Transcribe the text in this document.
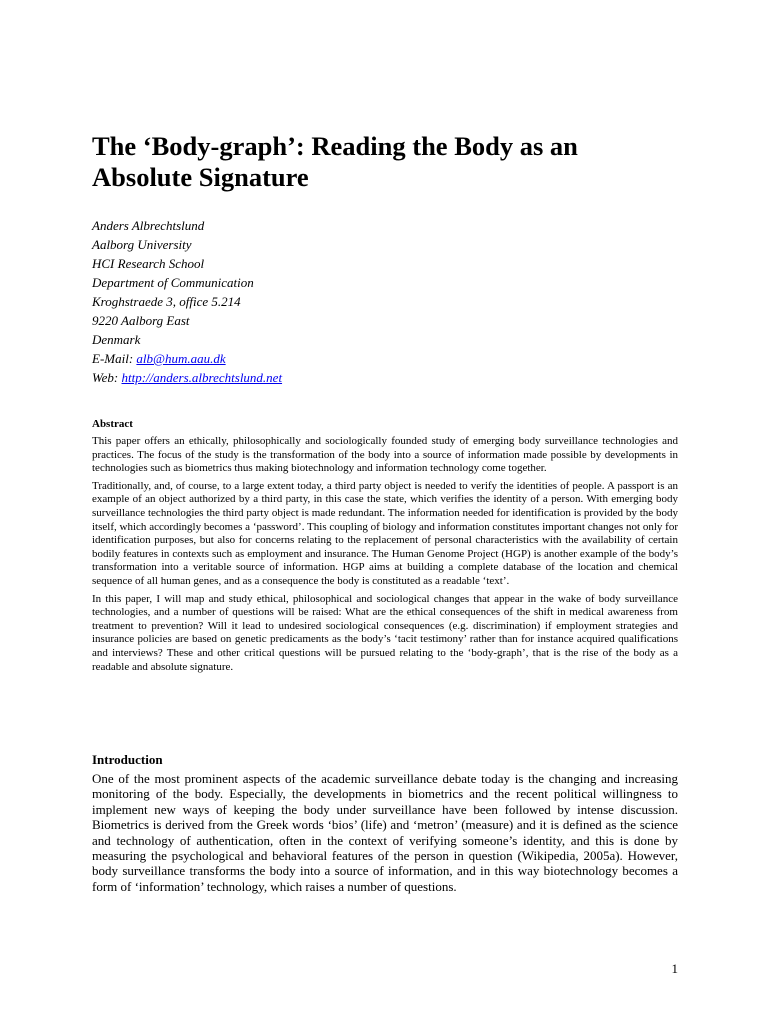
The ‘Body-graph’: Reading the Body as an Absolute Signature
Anders Albrechtslund
Aalborg University
HCI Research School
Department of Communication
Kroghstraede 3, office 5.214
9220 Aalborg East
Denmark
E-Mail: alb@hum.aau.dk
Web: http://anders.albrechtslund.net
Abstract

This paper offers an ethically, philosophically and sociologically founded study of emerging body surveillance technologies and practices. The focus of the study is the transformation of the body into a source of information made possible by developments in technologies such as biometrics thus making biotechnology and information technology come together.

Traditionally, and, of course, to a large extent today, a third party object is needed to verify the identities of people. A passport is an example of an object authorized by a third party, in this case the state, which verifies the identity of a person. With emerging body surveillance technologies the third party object is made redundant. The information needed for identification is provided by the body itself, which accordingly becomes a ‘password’. This coupling of biology and information constitutes important changes not only for identification purposes, but also for concerns relating to the replacement of personal characteristics with the availability of certain bodily features in contexts such as employment and insurance. The Human Genome Project (HGP) is another example of the body’s transformation into a veritable source of information. HGP aims at building a complete database of the location and chemical sequence of all human genes, and as a consequence the body is constituted as a readable ‘text’.

In this paper, I will map and study ethical, philosophical and sociological changes that appear in the wake of body surveillance technologies, and a number of questions will be raised: What are the ethical consequences of the shift in medical awareness from treatment to prevention? Will it lead to undesired sociological consequences (e.g. discrimination) if employment strategies and insurance policies are based on genetic predicaments as the body’s ‘tacit testimony’ rather than for instance acquired qualifications and interviews? These and other critical questions will be pursued relating to the ‘body-graph’, that is the rise of the body as a readable and absolute signature.

Introduction

One of the most prominent aspects of the academic surveillance debate today is the changing and increasing monitoring of the body. Especially, the developments in biometrics and the recent political willingness to implement new ways of keeping the body under surveillance have been followed by intense discussion. Biometrics is derived from the Greek words ‘bios’ (life) and ‘metron’ (measure) and it is defined as the science and technology of authentication, often in the context of verifying someone’s identity, and this is done by measuring the psychological and behavioral features of the person in question (Wikipedia, 2005a). However, body surveillance transforms the body into a source of information, and in this way biotechnology becomes a form of ‘information’ technology, which raises a number of questions.

1
